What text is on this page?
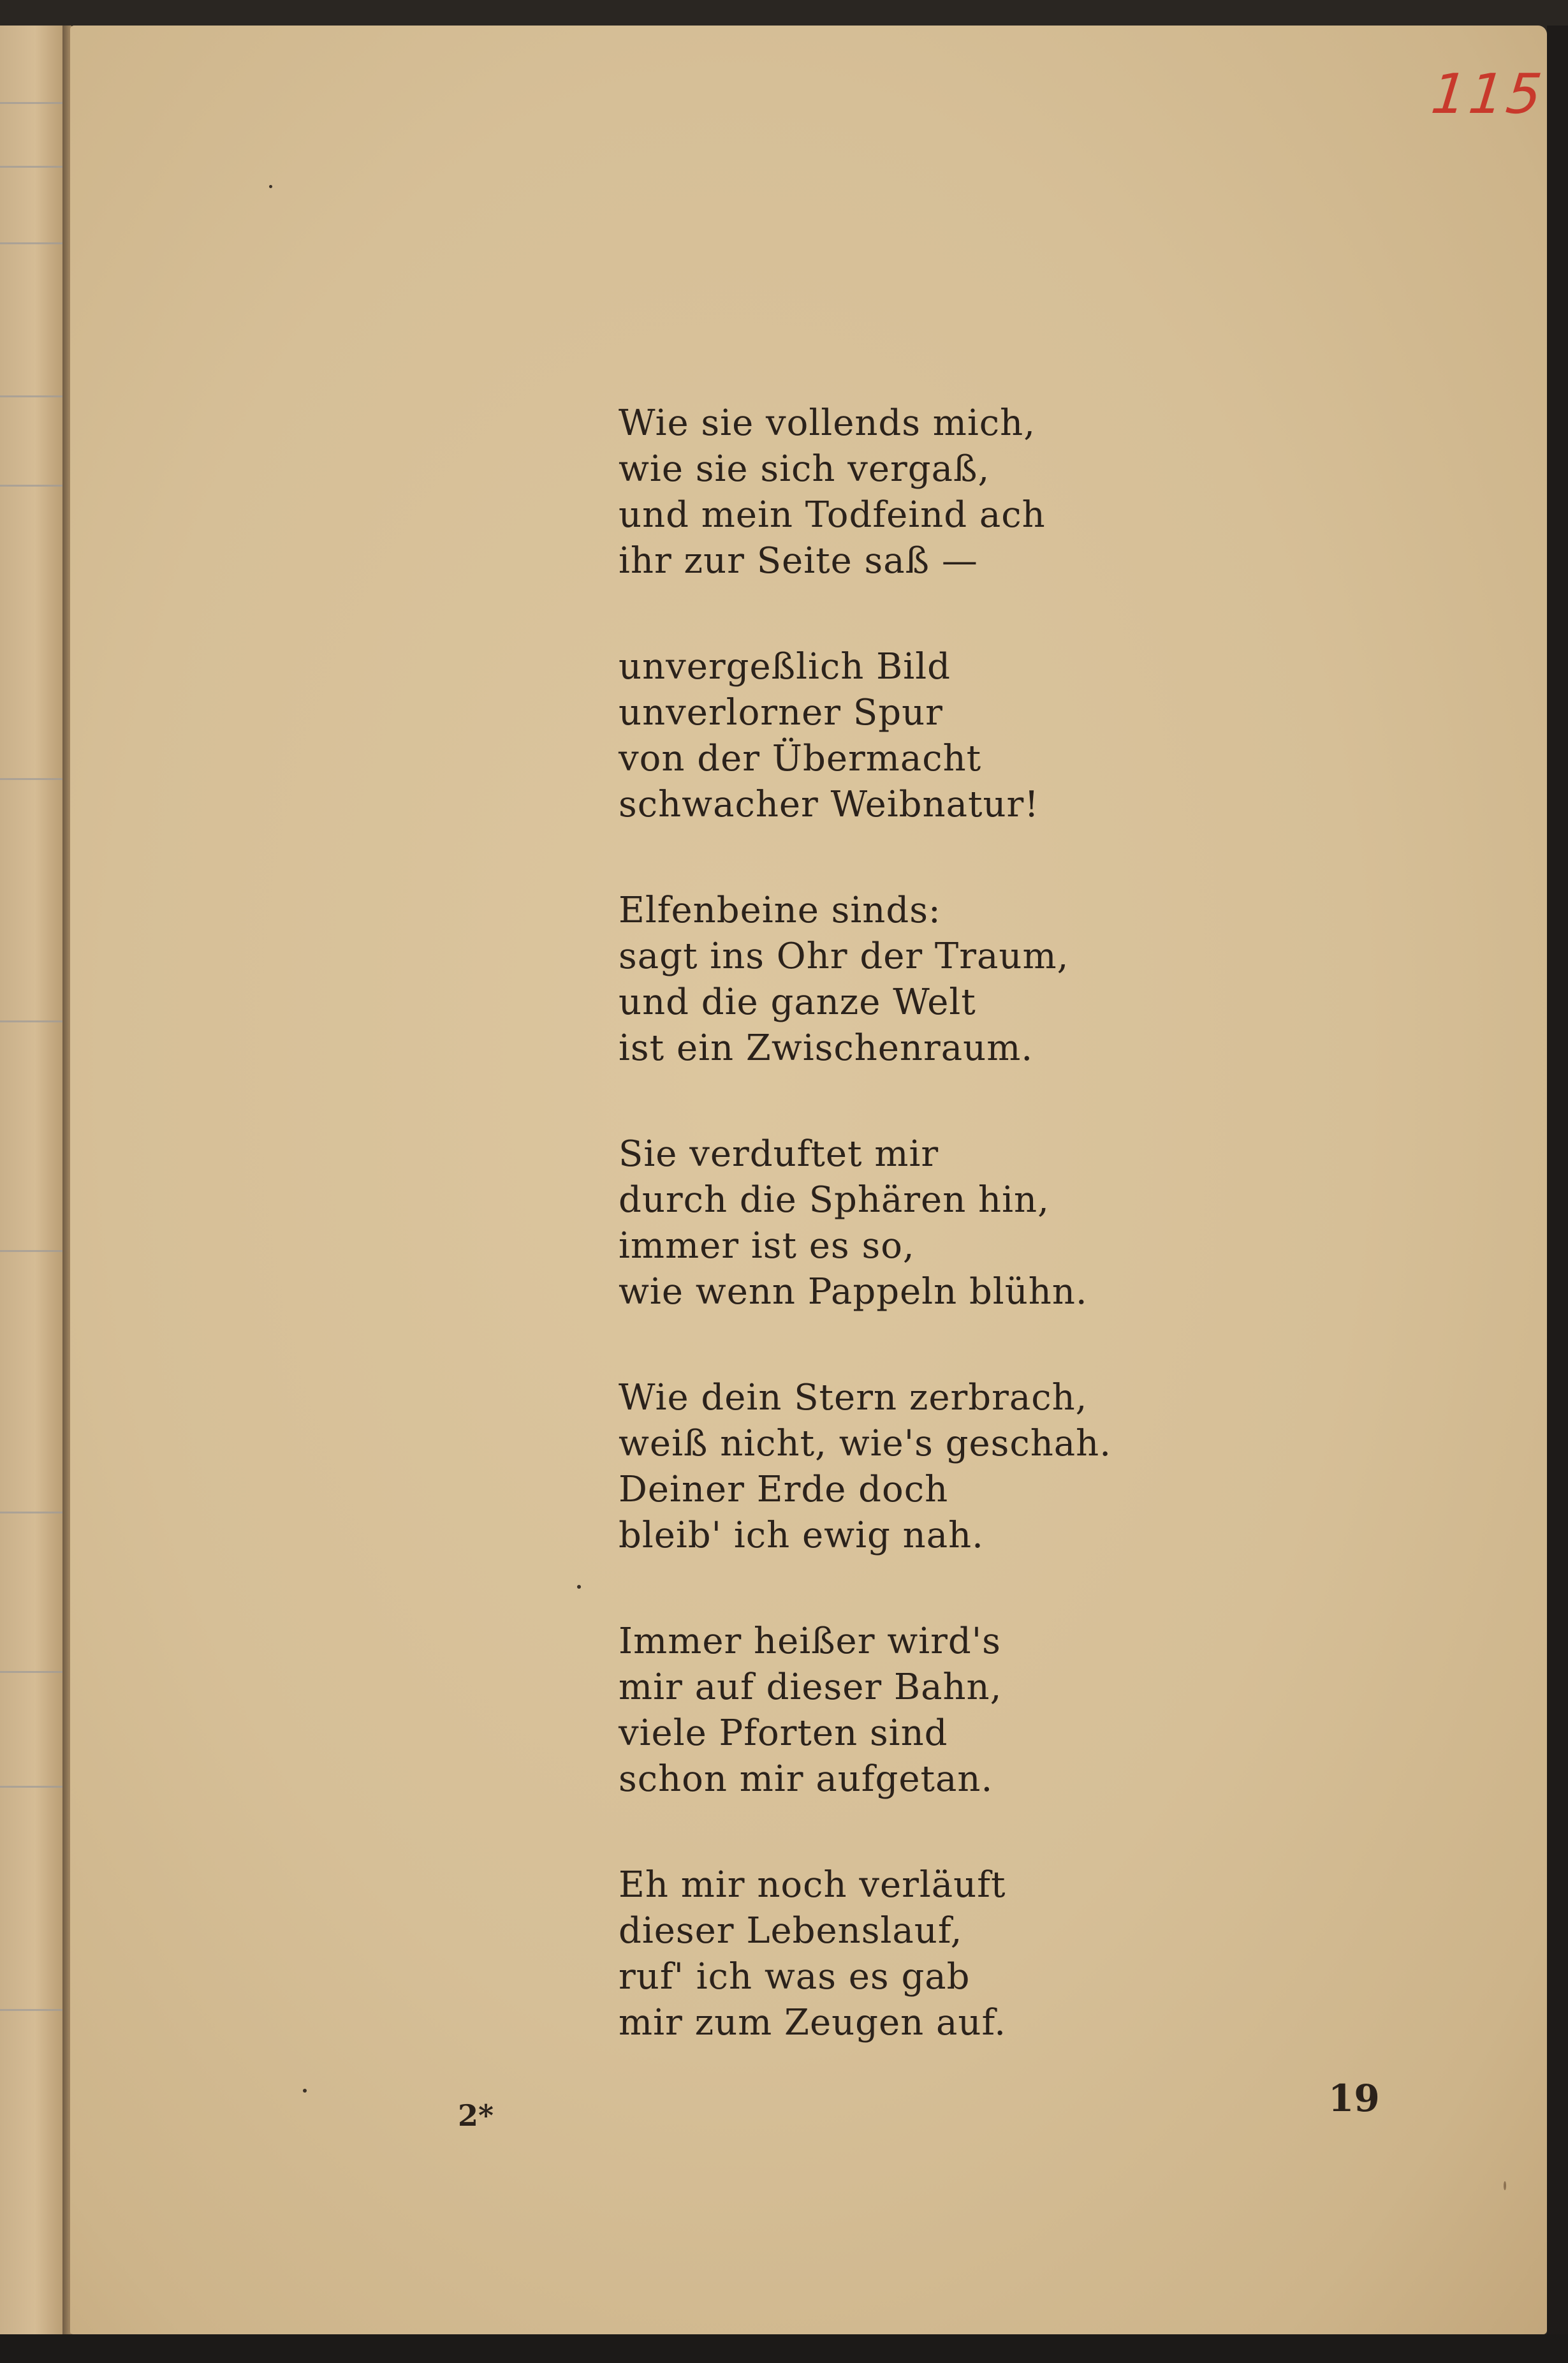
115
Wie sie vollends mich,
wie sie sich vergaß,
und mein Todfeind ach
ihr zur Seite saß —
unvergeßlich Bild
unverlorner Spur
von der Übermacht
schwacher Weibnatur!
Elfenbeine sinds:
sagt ins Ohr der Traum,
und die ganze Welt
ist ein Zwischenraum.
Sie verduftet mir
durch die Sphären hin,
immer ist es so,
wie wenn Pappeln blühn.
Wie dein Stern zerbrach,
weiß nicht, wie's geschah.
Deiner Erde doch
bleib' ich ewig nah.
Immer heißer wird's
mir auf dieser Bahn,
viele Pforten sind
schon mir aufgetan.
Eh mir noch verläuft
dieser Lebenslauf,
ruf' ich was es gab
mir zum Zeugen auf.
2*	19
